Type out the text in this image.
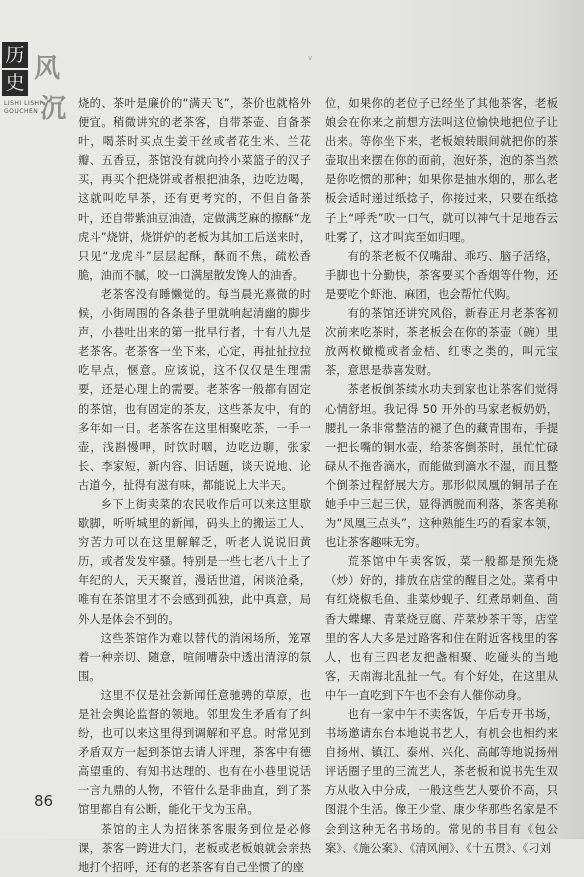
v
历
史 风
沉
LISHI LISHI
GOUCHEN

烧的、茶叶是廉价的“满天飞”，茶价也就格外便宜。稍微讲究的老茶客，自带茶壶、自备茶叶，喝茶时买点生姜干丝或者花生米、兰花瓣、五香豆，茶馆没有就向拎小菜篮子的汉子买，再买个把烧饼或者根把油条，边吃边喝，这就叫吃早茶，还有更考究的，不但自备茶叶，还自带紫油豆油渣，定做满芝麻的擦酥“龙虎斗”烧饼，烧饼炉的老板为其加工后送来时，只见“龙虎斗”层层起酥，酥而不焦，疏松香脆，油而不腻，咬一口满屋散发馋人的油香。

老茶客没有睡懒觉的。每当晨光熹微的时候，小街周围的各条巷子里就响起清幽的脚步声，小巷吐出来的第一批早行者，十有八九是老茶客。老茶客一坐下来，心定，再扯扯拉拉吃早点，惬意。应该说，这不仅仅是生理需要，还是心理上的需要。老茶客一般都有固定的茶馆，也有固定的茶友，这些茶友中，有的多年如一日。老茶客在这里相聚吃茶，一手一壶，浅斟慢呷，时饮时咽，边吃边聊，张家长、李家短，新内容、旧话题，谈天说地、论古道今，扯得有滋有味，都能说上大半天。

乡下上街卖菜的农民收作后可以来这里歇歇脚，听听城里的新闻，码头上的搬运工人、穷苦力可以在这里解解乏，听老人说说旧黄历，或者发发牢骚。特别是一些七老八十上了年纪的人，天天聚首，漫话世道，闲谈沧桑，唯有在茶馆里才不会感到孤独，此中真意，局外人是体会不到的。

这些茶馆作为难以替代的消闲场所，笼罩着一种亲切、随意，喧闹嘈杂中透出清淳的氛围。

这里不仅是社会新闻任意驰骋的草原，也是社会舆论监督的领地。邻里发生矛盾有了纠纷，也可以来这里得到调解和平息。时常见到矛盾双方一起到茶馆去请人评理，茶客中有德高望重的、有知书达理的、也有在小巷里说话一言九鼎的人物，不管什么是非曲直，到了茶馆里都自有公断，能化干戈为玉帛。

茶馆的主人为招徕茶客服务到位是必修课，茶客一跨进大门，老板或老板娘就会亲热地打个招呼，还有的老茶客有自己坐惯了的座

位，如果你的老位子已经坐了其他茶客，老板娘会在你来之前想方法叫这位愉快地把位子让出来。等你坐下来，老板娘转眼间就把你的茶壶取出来摆在你的面前，泡好茶，泡的茶当然是你吃惯的那种；如果你是抽水烟的，那么老板会适时递过纸捻子，你接过来，只要在纸捻子上“呼秃”吹一口气，就可以神气十足地吞云吐雾了，这才叫宾至如归哩。

有的茶老板不仅嘴甜、乖巧、脑子活络，手脚也十分勤快，茶客要买个香烟等什物，还是要吃个虾池、麻团，也会帮忙代购。

有的茶馆还讲究风俗，新春正月老茶客初次前来吃茶时，茶老板会在你的茶壶（碗）里放两枚橄榄或者金桔、红枣之类的，叫元宝茶，意思是恭喜发财。

茶老板倒茶续水功夫到家也让茶客们觉得心情舒坦。我记得 50 开外的马家老板奶奶，腰扎一条非常整洁的褪了色的藏青围布，手提一把长嘴的铜水壶，给茶客倒茶时，虽忙忙碌碌从不拖沓滴水，而能做到滴水不湿，而且整个倒茶过程舒展大方。那形似凤凰的铜吊子在她手中三起三伏，显得洒脱而利落，茶客美称为“凤凰三点头”，这种熟能生巧的看家本领，也让茶客趣味无穷。

荒茶馆中午卖客饭，菜一般都是预先烧（炒）好的，排放在店堂的醒目之处。菜肴中有红烧椒毛鱼、韭菜炒蚬子、红煮昂刺鱼、茴香大蝶螺、青菜烧豆腐、芹菜炒茶干等，店堂里的客人大多是过路客和住在附近客栈里的客人，也有三四老友把盏相聚、吃碰头的当地客，天南海北乱扯一气。有个好处，在这里从中午一直吃到下午也不会有人催你动身。

也有一家中午不卖客饭，午后专开书场，书场邀请东台本地说书艺人，有机会也相约来自扬州、镇江、泰州、兴化、高邮等地说扬州评话圈子里的三流艺人，茶老板和说书先生双方从收入中分成，一般这些艺人要价不高，只图混个生活。像王少堂、康少华那些名家是不会到这种无名书场的。常见的书目有《包公案》、《施公案》、《清风闸》、《十五贯》、《刁刘

86
